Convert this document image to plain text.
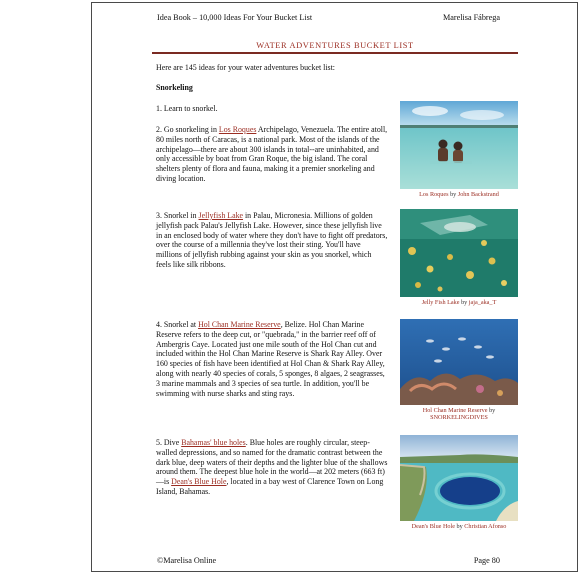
Idea Book – 10,000 Ideas For Your Bucket List	Marelisa Fábrega
WATER ADVENTURES BUCKET LIST
Here are 145 ideas for your water adventures bucket list:
Snorkeling
1. Learn to snorkel.
2. Go snorkeling in Los Roques Archipelago, Venezuela. The entire atoll, 80 miles north of Caracas, is a national park. Most of the islands of the archipelago—there are about 300 islands in total--are uninhabited, and only accessible by boat from Gran Roque, the big island. The coral shelters plenty of flora and fauna, making it a premier snorkeling and diving location.
3. Snorkel in Jellyfish Lake in Palau, Micronesia. Millions of golden jellyfish pack Palau's Jellyfish Lake. However, since these jellyfish live in an enclosed body of water where they don't have to fight off predators, over the course of a millennia they've lost their sting. You'll have millions of jellyfish rubbing against your skin as you snorkel, which feels like silk ribbons.
4. Snorkel at Hol Chan Marine Reserve, Belize. Hol Chan Marine Reserve refers to the deep cut, or "quebrada," in the barrier reef off of Ambergris Caye. Located just one mile south of the Hol Chan cut and included within the Hol Chan Marine Reserve is Shark Ray Alley. Over 160 species of fish have been identified at Hol Chan & Shark Ray Alley, along with nearly 40 species of corals, 5 sponges, 8 algaes, 2 seagrasses, 3 marine mammals and 3 species of sea turtle. In addition, you'll be swimming with nurse sharks and sting rays.
5. Dive Bahamas' blue holes. Blue holes are roughly circular, steep-walled depressions, and so named for the dramatic contrast between the dark blue, deep waters of their depths and the lighter blue of the shallows around them. The deepest blue hole in the world—at 202 meters (663 ft)—is Dean's Blue Hole, located in a bay west of Clarence Town on Long Island, Bahamas.
Los Roques by John Backstrand
Jelly Fish Lake by jaja_aka_T
Hol Chan Marine Reserve by SNORKELINGDIVES
Dean's Blue Hole by Christian Afonso
©Marelisa Online	Page 80
